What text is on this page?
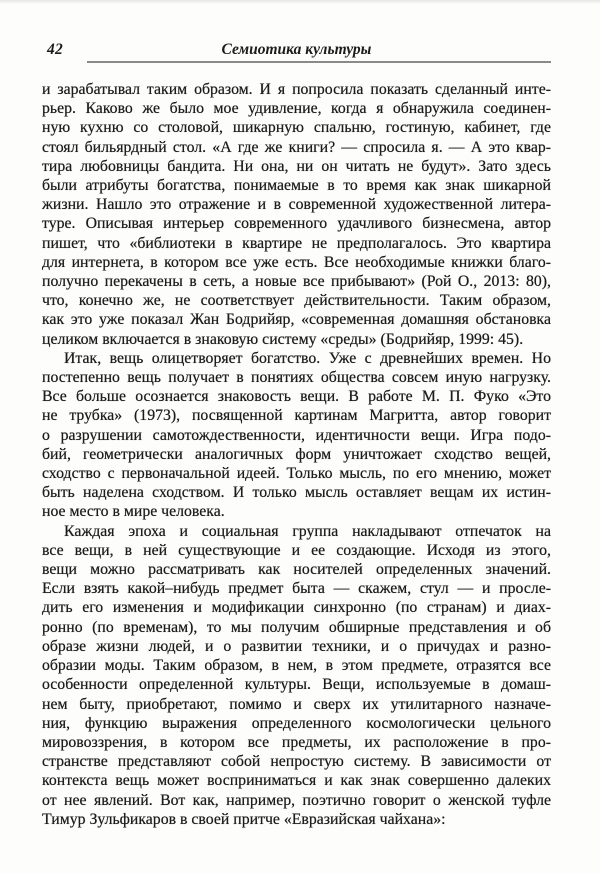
42	Семиотика культуры
и зарабатывал таким образом. И я попросила показать сделанный инте-
рьер. Каково же было мое удивление, когда я обнаружила соединен-
ную кухню со столовой, шикарную спальню, гостиную, кабинет, где
стоял бильярдный стол. «А где же книги? — спросила я. — А это квар-
тира любовницы бандита. Ни она, ни он читать не будут». Зато здесь
были атрибуты богатства, понимаемые в то время как знак шикарной
жизни. Нашло это отражение и в современной художественной литера-
туре. Описывая интерьер современного удачливого бизнесмена, автор
пишет, что «библиотеки в квартире не предполагалось. Это квартира
для интернета, в котором все уже есть. Все необходимые книжки благо-
получно перекачены в сеть, а новые все прибывают» (Рой О., 2013: 80),
что, конечно же, не соответствует действительности. Таким образом,
как это уже показал Жан Бодрийяр, «современная домашняя обстановка
целиком включается в знаковую систему «среды» (Бодрийяр, 1999: 45).
Итак, вещь олицетворяет богатство. Уже с древнейших времен. Но
постепенно вещь получает в понятиях общества совсем иную нагрузку.
Все больше осознается знаковость вещи. В работе М. П. Фуко «Это
не трубка» (1973), посвященной картинам Магритта, автор говорит
о разрушении самотождественности, идентичности вещи. Игра подо-
бий, геометрически аналогичных форм уничтожает сходство вещей,
сходство с первоначальной идеей. Только мысль, по его мнению, может
быть наделена сходством. И только мысль оставляет вещам их истин-
ное место в мире человека.
Каждая эпоха и социальная группа накладывают отпечаток на
все вещи, в ней существующие и ее создающие. Исходя из этого,
вещи можно рассматривать как носителей определенных значений.
Если взять какой–нибудь предмет быта — скажем, стул — и просле-
дить его изменения и модификации синхронно (по странам) и диах-
ронно (по временам), то мы получим обширные представления и об
образе жизни людей, и о развитии техники, и о причудах и разно-
образии моды. Таким образом, в нем, в этом предмете, отразятся все
особенности определенной культуры. Вещи, используемые в домаш-
нем быту, приобретают, помимо и сверх их утилитарного назначе-
ния, функцию выражения определенного космологически цельного
мировоззрения, в котором все предметы, их расположение в про-
странстве представляют собой непростую систему. В зависимости от
контекста вещь может восприниматься и как знак совершенно далеких
от нее явлений. Вот как, например, поэтично говорит о женской туфле
Тимур Зульфикаров в своей притче «Евразийская чайхана»:
